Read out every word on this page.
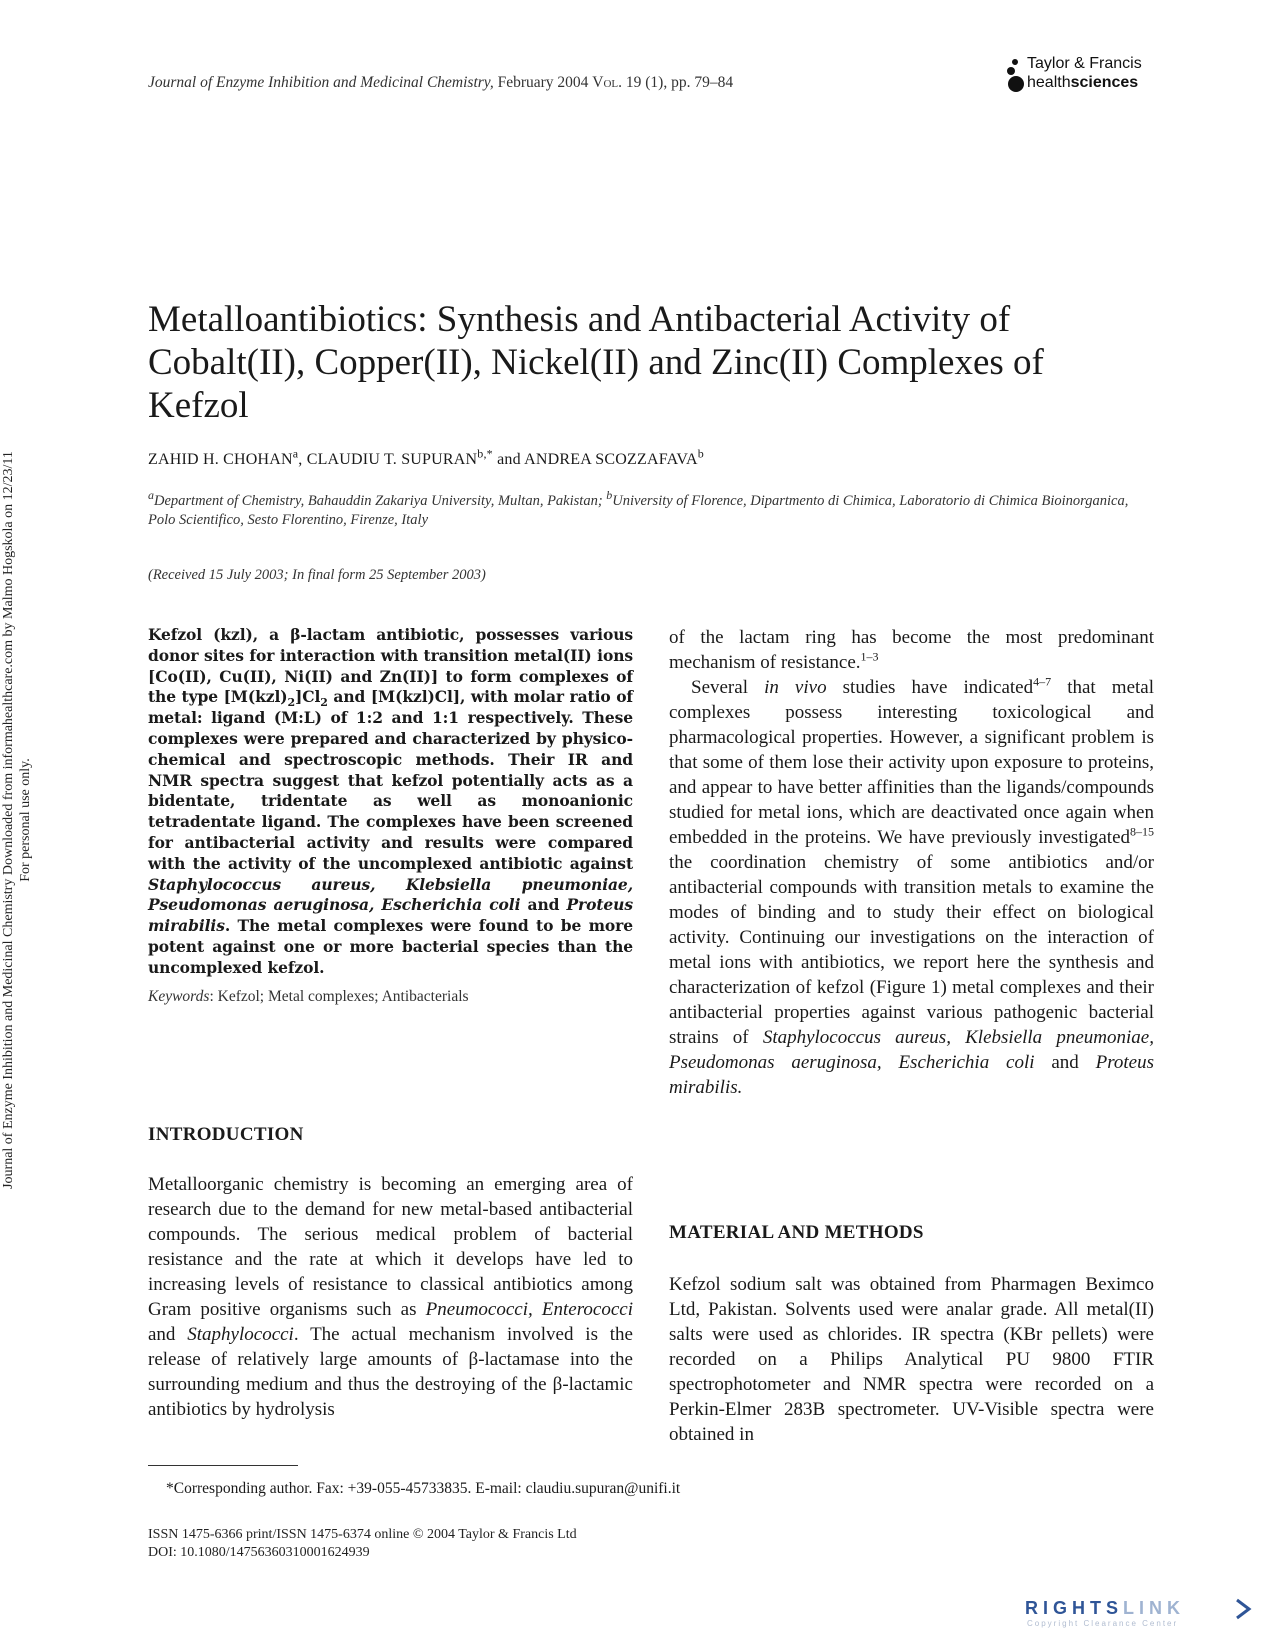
Journal of Enzyme Inhibition and Medicinal Chemistry, February 2004 Vol. 19 (1), pp. 79–84
Taylor & Francis
healthsciences
Journal of Enzyme Inhibition and Medicinal Chemistry Downloaded from informahealthcare.com by Malmo Hogskola on 12/23/11 For personal use only.
Metalloantibiotics: Synthesis and Antibacterial Activity of Cobalt(II), Copper(II), Nickel(II) and Zinc(II) Complexes of Kefzol
ZAHID H. CHOHAN$^a$, CLAUDIU T. $SUPURAN^{b,*}$ and ANDREA SCOZZAFAVA$^b$
$^a$Department of Chemistry, Bahauddin Zakariya University, Multan, Pakistan; $^b$University of Florence, Dipartmento di Chimica, Laboratorio di Chimica Bioinorganica, Polo Scientifico, Sesto Florentino, Firenze, Italy
(Received 15 July 2003; In final form 25 September 2003)
Kefzol (kzl), a β-lactam antibiotic, possesses various donor sites for interaction with transition metal(II) ions [Co(II), Cu(II), Ni(II) and Zn(II)] to form complexes of the type $[M(kzl)_2]Cl_2$ and [M(kzl)Cl], with molar ratio of metal: ligand (M:L) of 1:2 and 1:1 respectively. These complexes were prepared and characterized by physico-chemical and spectroscopic methods. Their IR and NMR spectra suggest that kefzol potentially acts as a bidentate, tridentate as well as monoanionic tetradentate ligand. The complexes have been screened for antibacterial activity and results were compared with the activity of the uncomplexed antibiotic against Staphylococcus aureus, Klebsiella pneumoniae, Pseudomonas aeruginosa, Escherichia coli and Proteus mirabilis. The metal complexes were found to be more potent against one or more bacterial species than the uncomplexed kefzol.
Keywords: Kefzol; Metal complexes; Antibacterials
INTRODUCTION
Metalloorganic chemistry is becoming an emerging area of research due to the demand for new metal-based antibacterial compounds. The serious medical problem of bacterial resistance and the rate at which it develops have led to increasing levels of resistance to classical antibiotics among Gram positive organisms such as Pneumococci, Enterococci and Staphylococci. The actual mechanism involved is the release of relatively large amounts of β-lactamase into the surrounding medium and thus the destroying of the β-lactamic antibiotics by hydrolysis
of the lactam ring has become the most predominant mechanism of resistance.$^{1-3}$
Several in vivo studies have indicated$^{4-7}$ that metal complexes possess interesting toxicological and pharmacological properties. However, a significant problem is that some of them lose their activity upon exposure to proteins, and appear to have better affinities than the ligands/compounds studied for metal ions, which are deactivated once again when embedded in the proteins. We have previously investigated$^{8-15}$ the coordination chemistry of some antibiotics and/or antibacterial compounds with transition metals to examine the modes of binding and to study their effect on biological activity. Continuing our investigations on the interaction of metal ions with antibiotics, we report here the synthesis and characterization of kefzol (Figure 1) metal complexes and their antibacterial properties against various pathogenic bacterial strains of Staphylococcus aureus, Klebsiella pneumoniae, Pseudomonas aeruginosa, Escherichia coli and Proteus mirabilis.
MATERIAL AND METHODS
Kefzol sodium salt was obtained from Pharmagen Beximco Ltd, Pakistan. Solvents used were analar grade. All metal(II) salts were used as chlorides. IR spectra (KBr pellets) were recorded on a Philips Analytical PU 9800 FTIR spectrophotometer and NMR spectra were recorded on a Perkin-Elmer 283B spectrometer. UV-Visible spectra were obtained in
*Corresponding author. Fax: +39-055-45733835. E-mail: claudiu.supuran@unifi.it
ISSN 1475-6366 print/ISSN 1475-6374 online © 2004 Taylor & Francis Ltd
DOI: 10.1080/14756360310001624939
RIGHTSLINK
Copyright Clearance Center
